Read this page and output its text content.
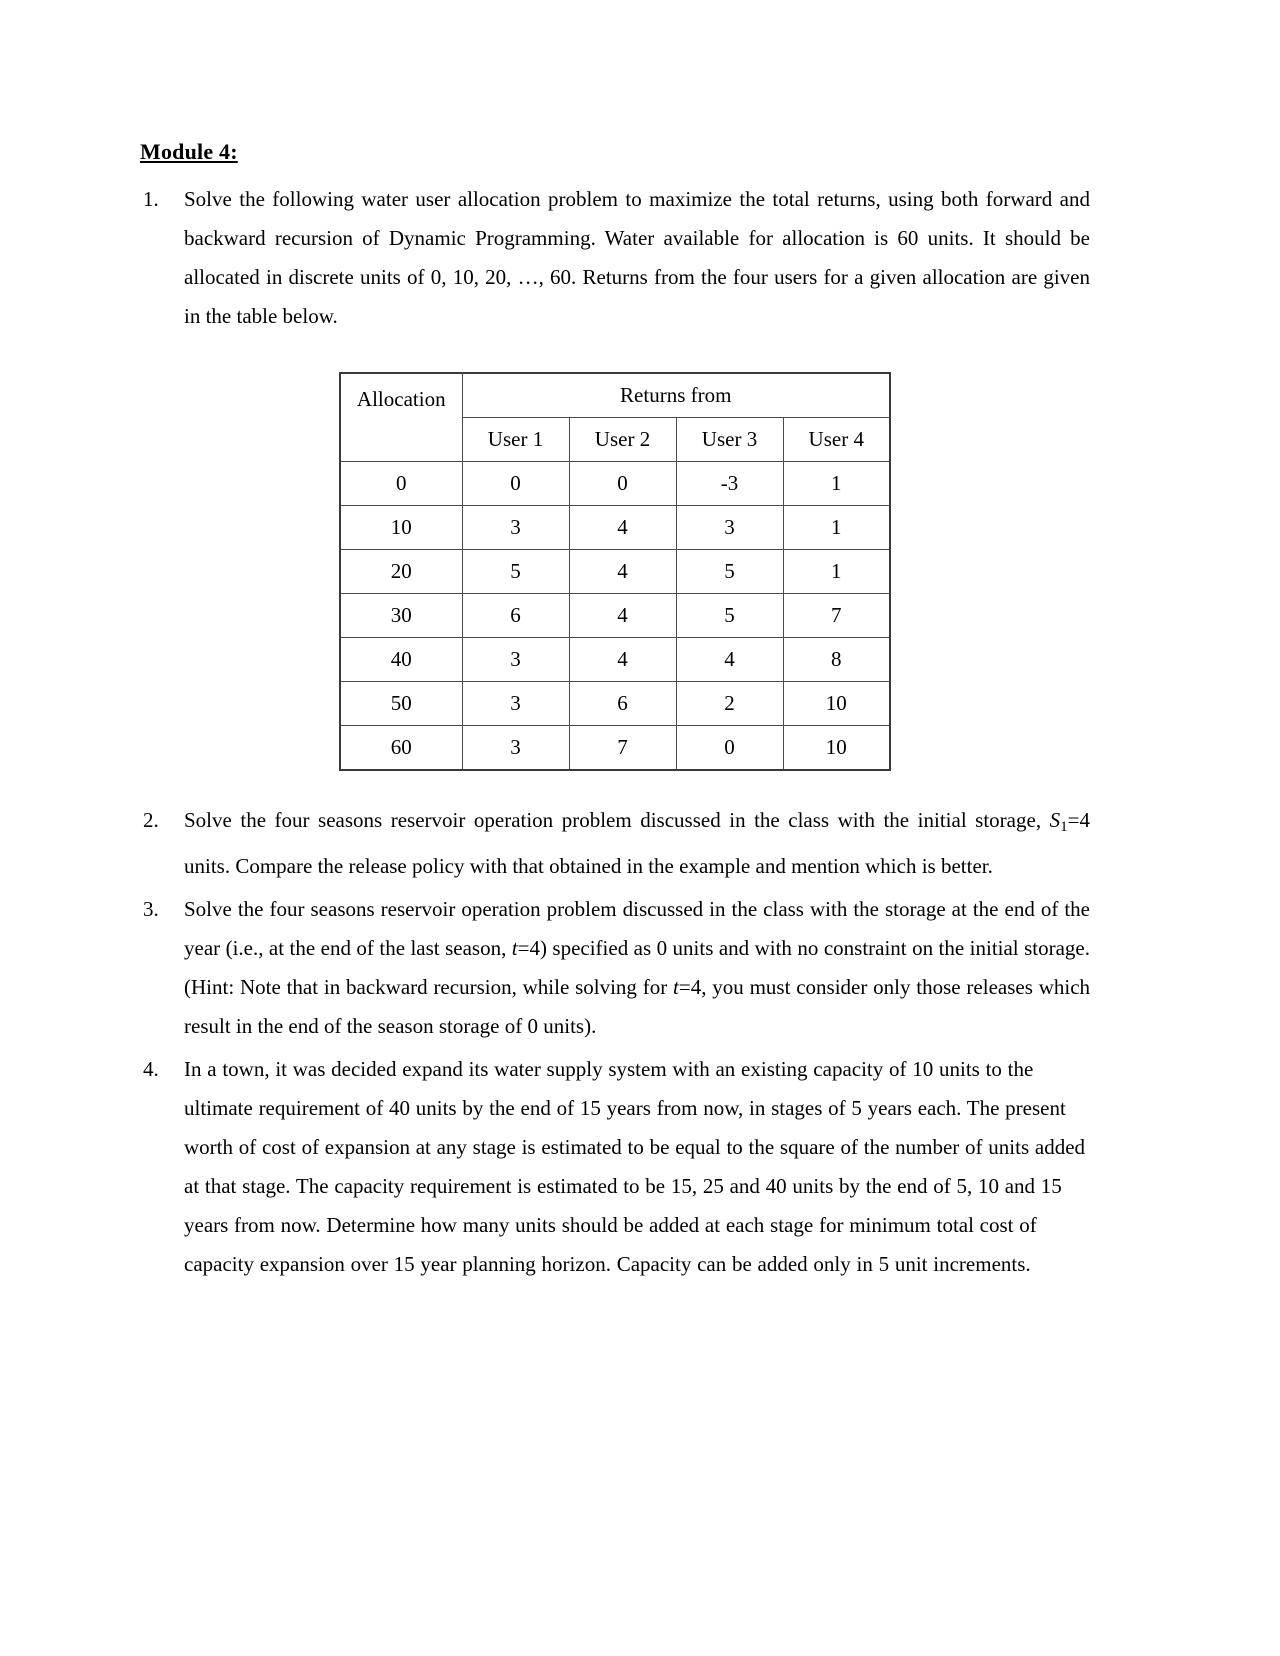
Module 4:
1.	Solve the following water user allocation problem to maximize the total returns, using both forward and backward recursion of Dynamic Programming. Water available for allocation is 60 units. It should be allocated in discrete units of 0, 10, 20, …, 60. Returns from the four users for a given allocation are given in the table below.
Allocation	Returns from			
	User 1	User 2	User 3	User 4
0	0	0	-3	1
10	3	4	3	1
20	5	4	5	1
30	6	4	5	7
40	3	4	4	8
50	3	6	2	10
60	3	7	0	10
2.	Solve the four seasons reservoir operation problem discussed in the class with the initial storage, $S_1=4$ units. Compare the release policy with that obtained in the example and mention which is better.
3.	Solve the four seasons reservoir operation problem discussed in the class with the storage at the end of the year (i.e., at the end of the last season, t=4) specified as 0 units and with no constraint on the initial storage. (Hint: Note that in backward recursion, while solving for t=4, you must consider only those releases which result in the end of the season storage of 0 units).
4.	In a town, it was decided expand its water supply system with an existing capacity of 10 units to the ultimate requirement of 40 units by the end of 15 years from now, in stages of 5 years each. The present worth of cost of expansion at any stage is estimated to be equal to the square of the number of units added at that stage. The capacity requirement is estimated to be 15, 25 and 40 units by the end of 5, 10 and 15 years from now. Determine how many units should be added at each stage for minimum total cost of capacity expansion over 15 year planning horizon. Capacity can be added only in 5 unit increments.
